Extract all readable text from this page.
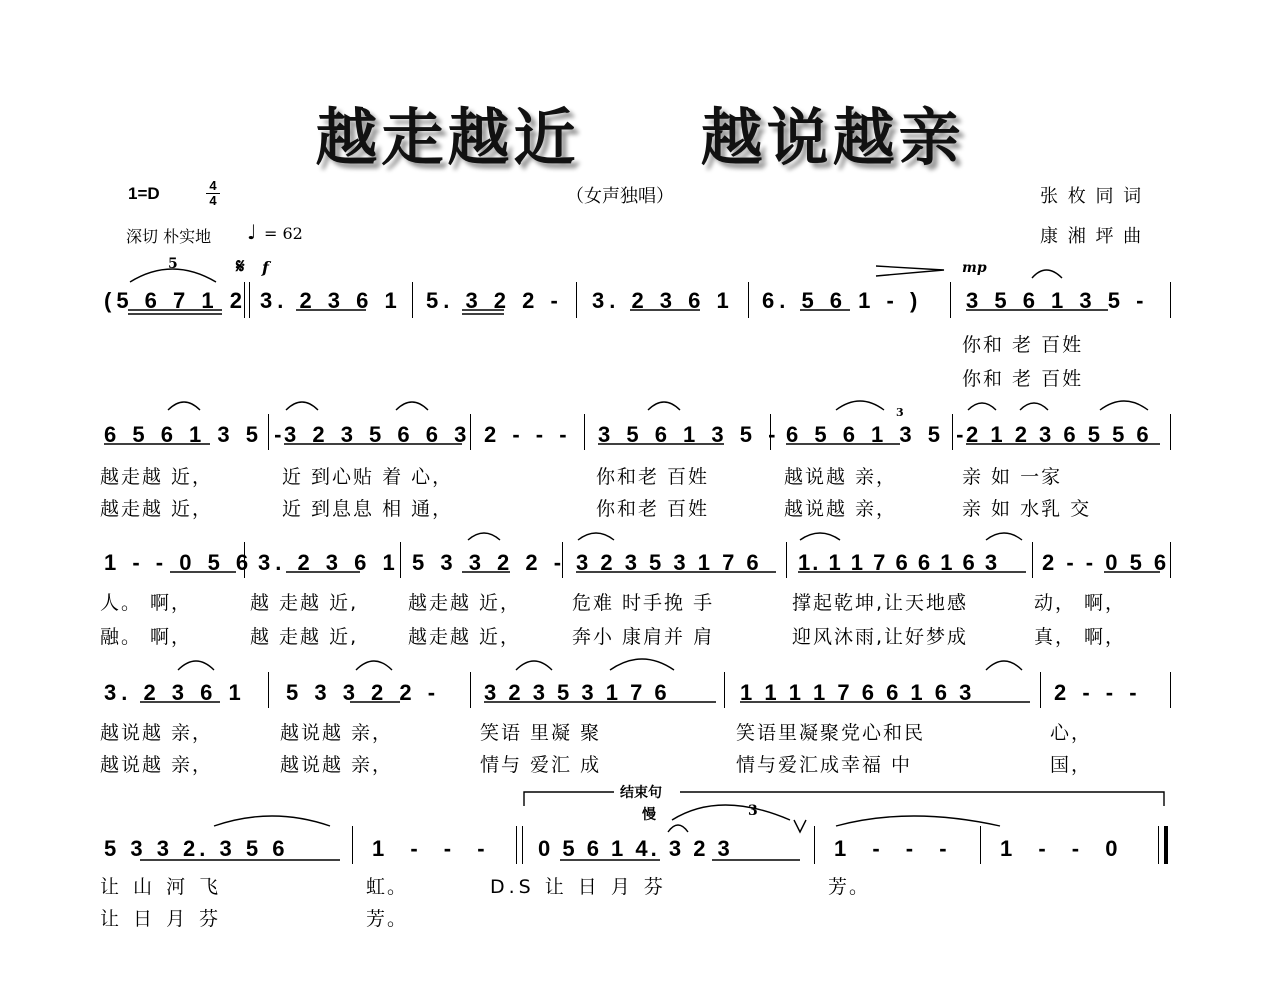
越走越近 越说越亲
1=D	4
4	（女声独唱）	张 枚 同 词
康 湘 坪 曲
深切 朴实地 ♩ = 62
𝄋 f	mp
5
3
结束句
慢	3
(5 6 7 1 2 3. 2 3 6 1 5. 3 2 2 - 3. 2 3 6 1 6. 5 6 1 - ) 3 5 6 1 3 5 -
你和 老 百姓
你和 老 百姓
6 5 6 1 3 5 -
3 2 3 5 6 6 3 2 - - - 3 5 6 1 3 5 - 6 5 6 1 3 5 -
2 1 2 3 6 5 5 6
越走越 近，	近 到心贴 着 心，	你和老 百姓	越说越 亲，	亲 如 一家
越走越 近，	近 到息息 相 通，	你和老 百姓	越说越 亲，	亲 如 水乳 交
1 - - 0 5 6 3. 2 3 6 1 5 3 3 2 2 - 3 2 3 5 3 1 7 6 1. 1 1 7 6 6 1 6 3 2 - - 0 5 6
人。 啊，	越 走越 近,	越走越 近，	危难 时手挽 手	撑起乾坤,让天地感	动， 啊，
融。 啊，	越 走越 近,	越走越 近，	奔小 康肩并 肩	迎风沐雨,让好梦成	真， 啊，
3. 2 3 6 1 5 3 3 2 2 - 3 2 3 5 3 1 7 6	1 1 1 1 7 6 6 1 6 3	2 - - -
越说越 亲，	越说越 亲，	笑语 里凝 聚	笑语里凝聚党心和民	心，
越说越 亲，	越说越 亲，	情与 爱汇 成	情与爱汇成幸福 中	国，
5 3 3 2. 3 5 6	1 - - - 0 5 6 1 4. 3 2 3	1 - - - 1 - - 0
让 山 河 飞	虹。	D.S 让 日 月 芬	芳。
让 日 月 芬	芳。
